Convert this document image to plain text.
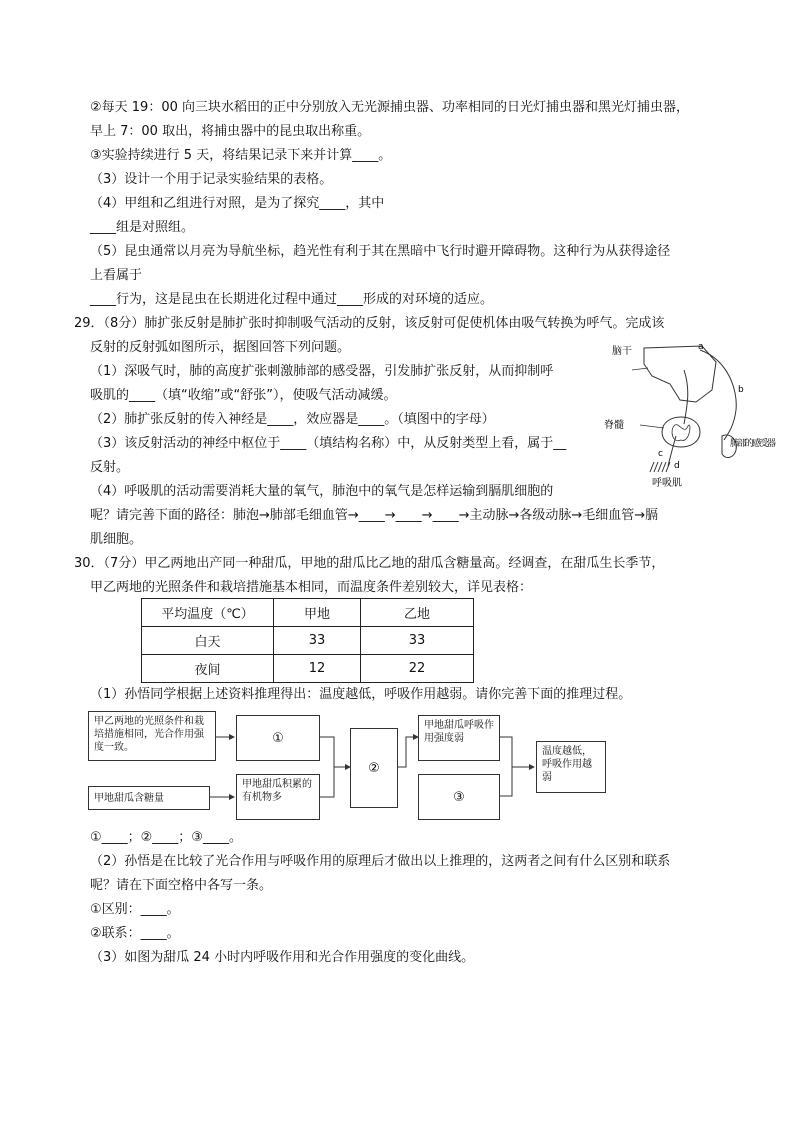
②每天 19：00 向三块水稻田的正中分别放入无光源捕虫器、功率相同的日光灯捕虫器和黑光灯捕虫器，
早上 7：00 取出，将捕虫器中的昆虫取出称重。
③实验持续进行 5 天，将结果记录下来并计算____。
（3）设计一个用于记录实验结果的表格。
（4）甲组和乙组进行对照，是为了探究____，其中
____组是对照组。
（5）昆虫通常以月亮为导航坐标，趋光性有利于其在黑暗中飞行时避开障碍物。这种行为从获得途径
上看属于
____行为，这是昆虫在长期进化过程中通过____形成的对环境的适应。
29．（8分）肺扩张反射是肺扩张时抑制吸气活动的反射，该反射可促使机体由吸气转换为呼气。完成该
反射的反射弧如图所示，据图回答下列问题。
（1）深吸气时，肺的高度扩张刺激肺部的感受器，引发肺扩张反射，从而抑制呼
吸肌的____（填“收缩”或“舒张”），使吸气活动减缓。
（2）肺扩张反射的传入神经是____，效应器是____。（填图中的字母）
（3）该反射活动的神经中枢位于____（填结构名称）中，从反射类型上看，属于__
反射。
（4）呼吸肌的活动需要消耗大量的氧气，肺泡中的氧气是怎样运输到膈肌细胞的
呢？请完善下面的路径：肺泡→肺部毛细血管→____→____→____→主动脉→各级动脉→毛细血管→膈
肌细胞。
30．（7分）甲乙两地出产同一种甜瓜，甲地的甜瓜比乙地的甜瓜含糖量高。经调查，在甜瓜生长季节，
甲乙两地的光照条件和栽培措施基本相同，而温度条件差别较大，详见表格：
脑干	a
b
脊髓
c
d
肺部的感受器
呼吸肌
平均温度（℃）	甲地	乙地
白天	33	33
夜间	12	22
（1）孙悟同学根据上述资料推理得出：温度越低，呼吸作用越弱。请你完善下面的推理过程。
甲乙两地的光照条件和栽培措施相同，光合作用强度一致。
甲地甜瓜含糖量
①
甲地甜瓜积累的有机物多
②
甲地甜瓜呼吸作用强度弱
③
温度越低，呼吸作用越弱
①____；②____；③____。
（2）孙悟是在比较了光合作用与呼吸作用的原理后才做出以上推理的，这两者之间有什么区别和联系
呢？请在下面空格中各写一条。
①区别：____。
②联系：____。
（3）如图为甜瓜 24 小时内呼吸作用和光合作用强度的变化曲线。
